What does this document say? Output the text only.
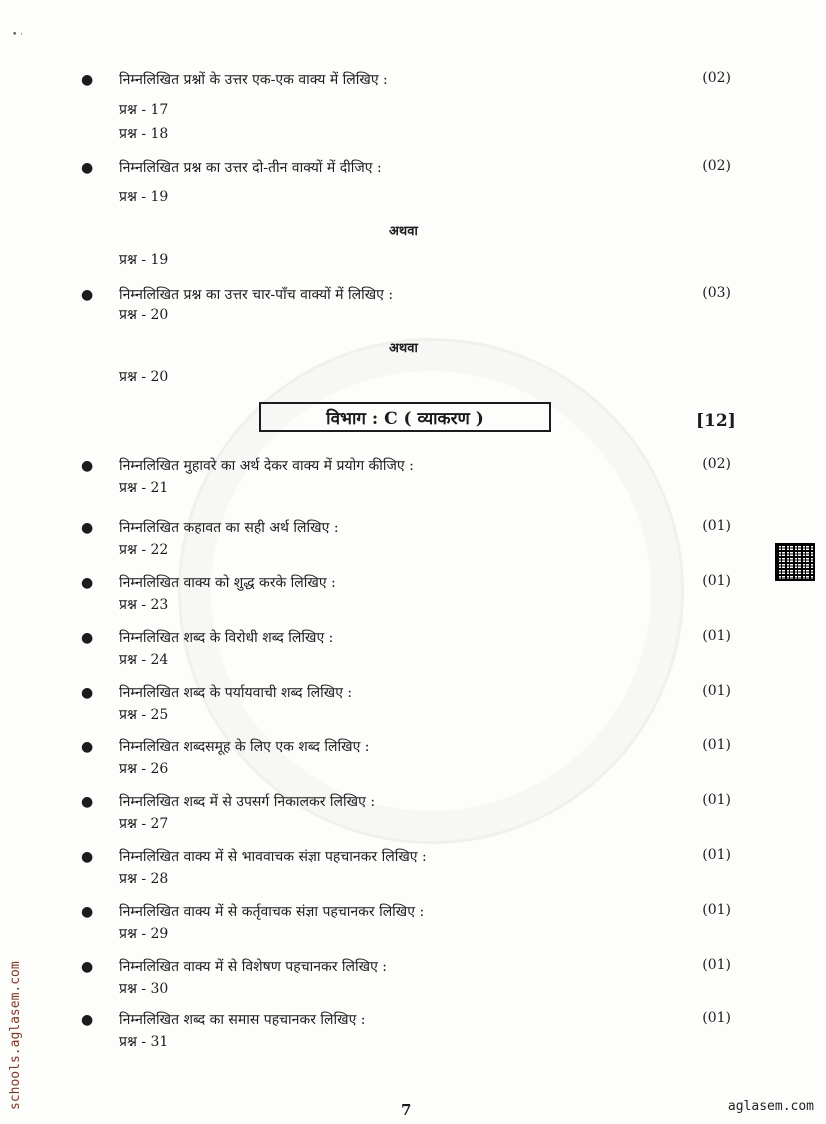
• ·
● निम्नलिखित प्रश्नों के उत्तर एक-एक वाक्य में लिखिए :	(02)
प्रश्न - 17
प्रश्न - 18
● निम्नलिखित प्रश्न का उत्तर दो-तीन वाक्यों में दीजिए :	(02)
प्रश्न - 19
अथवा
प्रश्न - 19
● निम्नलिखित प्रश्न का उत्तर चार-पाँच वाक्यों में लिखिए :	(03)
प्रश्न - 20
अथवा
प्रश्न - 20
विभाग : C ( व्याकरण )	[12]
● निम्नलिखित मुहावरे का अर्थ देकर वाक्य में प्रयोग कीजिए :	(02)
प्रश्न - 21
● निम्नलिखित कहावत का सही अर्थ लिखिए :	(01)
प्रश्न - 22
● निम्नलिखित वाक्य को शुद्ध करके लिखिए :	(01)
प्रश्न - 23
● निम्नलिखित शब्द के विरोधी शब्द लिखिए :	(01)
प्रश्न - 24
● निम्नलिखित शब्द के पर्यायवाची शब्द लिखिए :	(01)
प्रश्न - 25
● निम्नलिखित शब्दसमूह के लिए एक शब्द लिखिए :	(01)
प्रश्न - 26
● निम्नलिखित शब्द में से उपसर्ग निकालकर लिखिए :	(01)
प्रश्न - 27
● निम्नलिखित वाक्य में से भाववाचक संज्ञा पहचानकर लिखिए :	(01)
प्रश्न - 28
● निम्नलिखित वाक्य में से कर्तृवाचक संज्ञा पहचानकर लिखिए :	(01)
प्रश्न - 29
● निम्नलिखित वाक्य में से विशेषण पहचानकर लिखिए :	(01)
प्रश्न - 30
● निम्नलिखित शब्द का समास पहचानकर लिखिए :	(01)
प्रश्न - 31
schools.aglasem.com	7	aglasem.com
